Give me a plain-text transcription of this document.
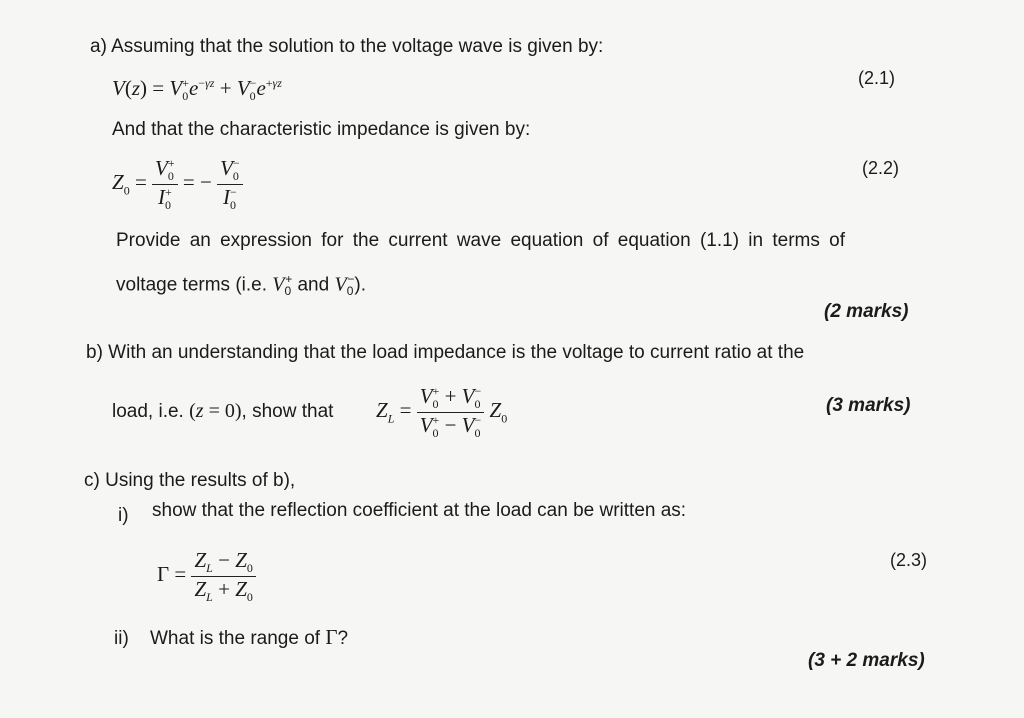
a) Assuming that the solution to the voltage wave is given by:
$V(z) = V_0^+e^{-\gamma z} + V_0^-e^{+\gamma z}$	(2.1)
And that the characteristic impedance is given by:
$Z_0 = \frac{V_0^+}{I_0^+}$ = − $\frac{V_0^-}{I_0^-}$	(2.2)
Provide an expression for the current wave equation of equation (1.1) in terms of
voltage terms (i.e. $V_0^+$ and $V_0^-$).
(2 marks)
b) With an understanding that the load impedance is the voltage to current ratio at the
load, i.e. (z = 0), show that $Z_L = \frac{V_0^+ + V_0^-}{V_0^+ - V_0^-} Z_0$
(3 marks)
c) Using the results of b),
i) show that the reflection coefficient at the load can be written as:
$\Gamma = \frac{Z_L - Z_0}{Z_L + Z_0}$	(2.3)
ii) What is the range of Γ?
(3 + 2 marks)
